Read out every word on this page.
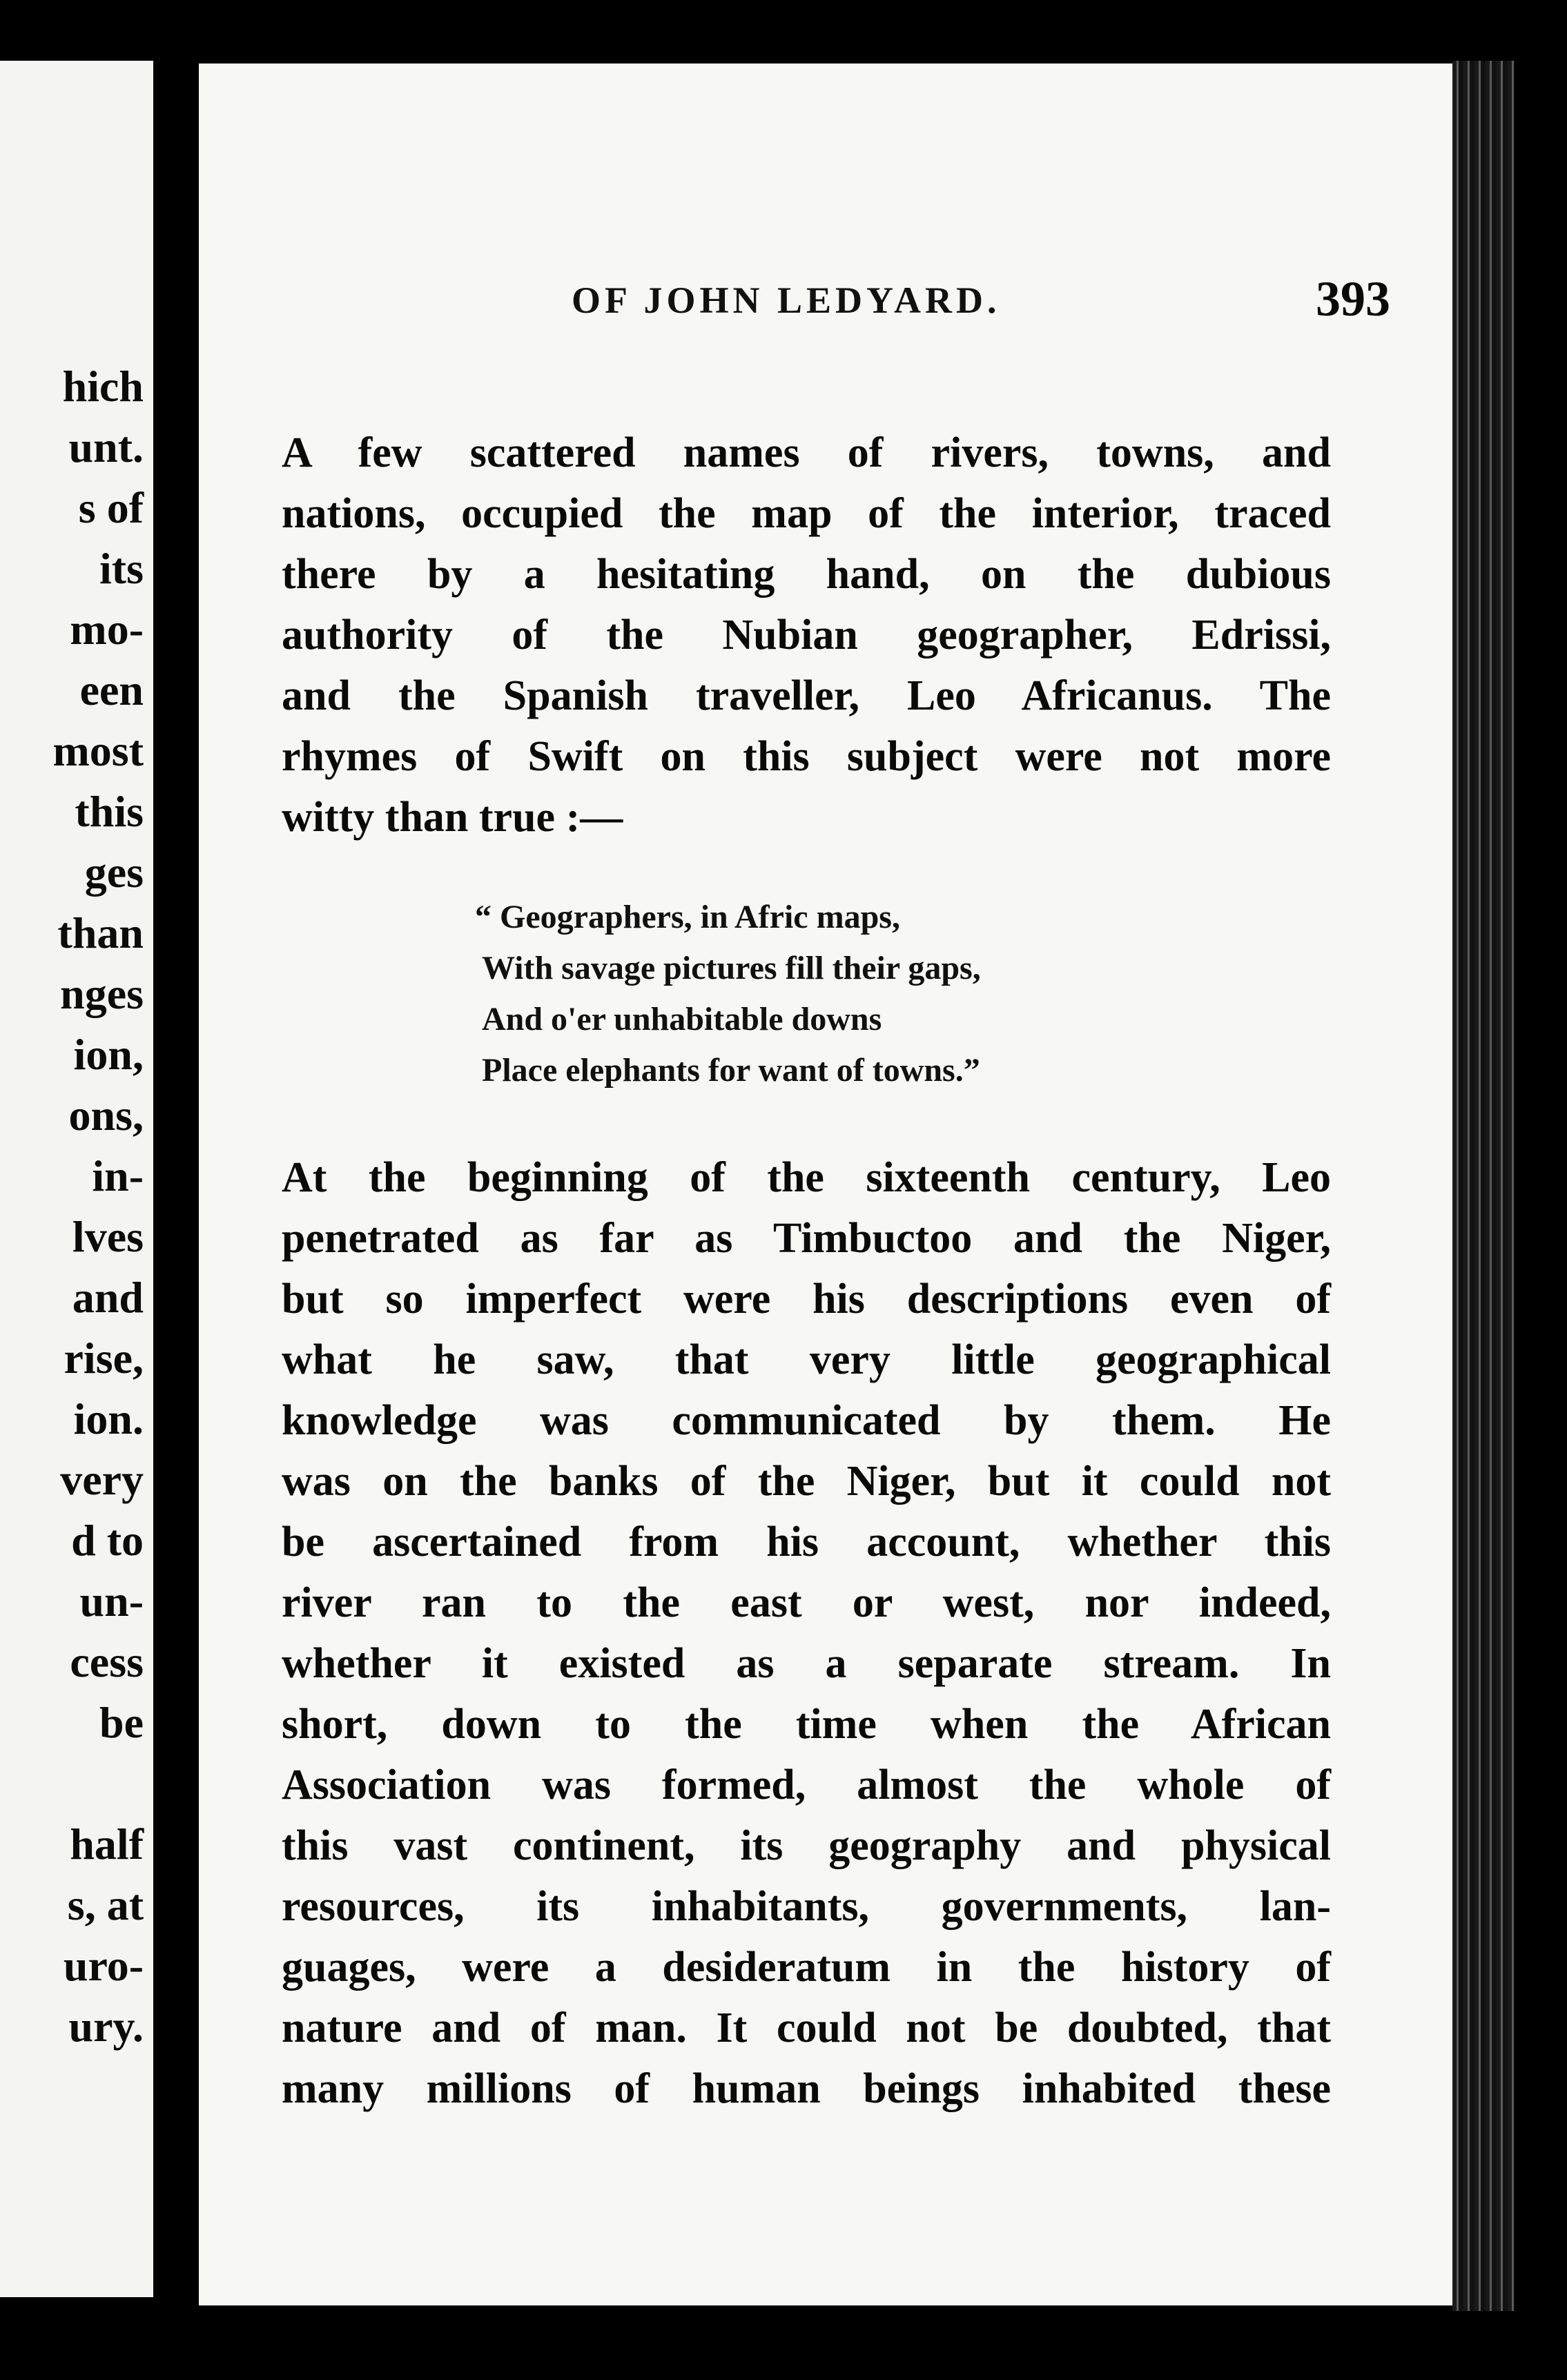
hich
unt.
s of
its
mo-
een
most
this
ges
than
nges
ion,
ons,
in-
lves
and
rise,
ion.
very
d to
un-
cess
be
half
s, at
uro-
ury.
OF JOHN LEDYARD.	393
A few scattered names of rivers, towns, and
nations, occupied the map of the interior, traced
there by a hesitating hand, on the dubious
authority of the Nubian geographer, Edrissi,
and the Spanish traveller, Leo Africanus. The
rhymes of Swift on this subject were not more
witty than true :—
“ Geographers, in Afric maps,
With savage pictures fill their gaps,
And o'er unhabitable downs
Place elephants for want of towns.”
At the beginning of the sixteenth century, Leo
penetrated as far as Timbuctoo and the Niger,
but so imperfect were his descriptions even of
what he saw, that very little geographical
knowledge was communicated by them. He
was on the banks of the Niger, but it could not
be ascertained from his account, whether this
river ran to the east or west, nor indeed,
whether it existed as a separate stream. In
short, down to the time when the African
Association was formed, almost the whole of
this vast continent, its geography and physical
resources, its inhabitants, governments, lan-
guages, were a desideratum in the history of
nature and of man. It could not be doubted, that
many millions of human beings inhabited these
